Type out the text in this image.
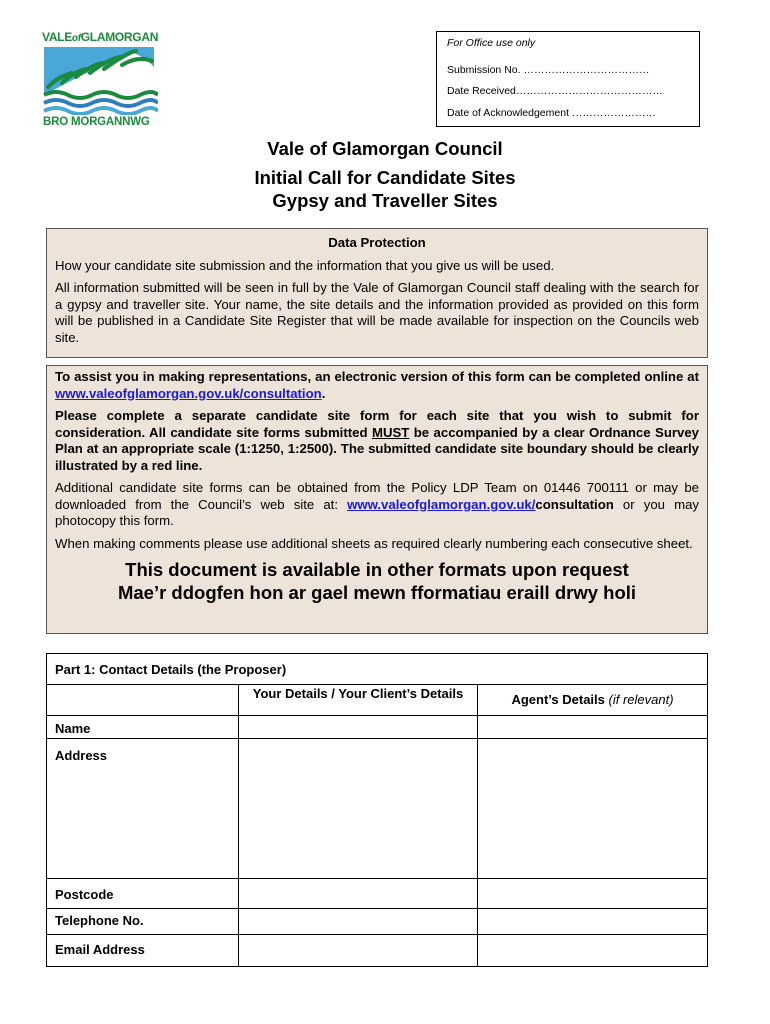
VALEofGLAMORGAN
BRO MORGANNWG
For Office use only
Submission No. ………………………………
Date Received……………………………………
Date of Acknowledgement ……………………
Vale of Glamorgan Council
Initial Call for Candidate Sites
Gypsy and Traveller Sites
Data Protection

How your candidate site submission and the information that you give us will be used.

All information submitted will be seen in full by the Vale of Glamorgan Council staff dealing with the search for a gypsy and traveller site. Your name, the site details and the information provided as provided on this form will be published in a Candidate Site Register that will be made available for inspection on the Councils web site.

To assist you in making representations, an electronic version of this form can be completed online at www.valeofglamorgan.gov.uk/consultation.

Please complete a separate candidate site form for each site that you wish to submit for consideration. All candidate site forms submitted MUST be accompanied by a clear Ordnance Survey Plan at an appropriate scale (1:1250, 1:2500). The submitted candidate site boundary should be clearly illustrated by a red line.

Additional candidate site forms can be obtained from the Policy LDP Team on 01446 700111 or may be downloaded from the Council’s web site at: www.valeofglamorgan.gov.uk/consultation or you may photocopy this form.

When making comments please use additional sheets as required clearly numbering each consecutive sheet.

This document is available in other formats upon request
Mae’r ddogfen hon ar gael mewn fformatiau eraill drwy holi
Part 1: Contact Details (the Proposer)
Your Details / Your Client’s Details	Agent’s Details (if relevant)
Name
Address
Postcode
Telephone No.
Email Address
